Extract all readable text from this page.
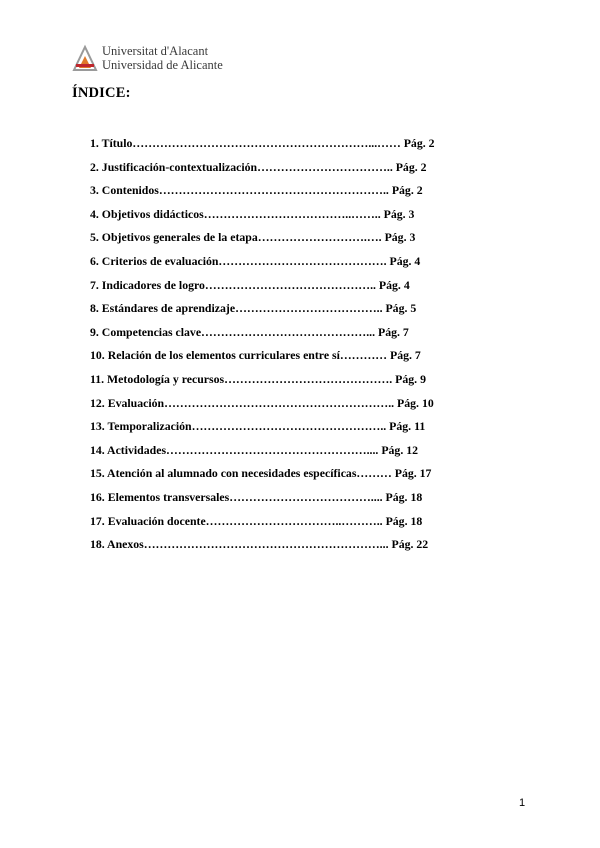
Universitat d'Alacant
Universidad de Alicante
ÍNDICE:
1. Título……………………………………………………...…… Pág. 2
2. Justificación-contextualización…………………………….. Pág. 2
3. Contenidos………………………………………………….. Pág. 2
4. Objetivos didácticos………………………………..…….. Pág. 3
5. Objetivos generales de la etapa……………………….…. Pág. 3
6. Criterios de evaluación……………………………………. Pág. 4
7. Indicadores de logro…………………………………….. Pág. 4
8. Estándares de aprendizaje……………………………….. Pág. 5
9. Competencias clave……………………………………... Pág. 7
10. Relación de los elementos curriculares entre sí………… Pág. 7
11. Metodología y recursos……………………………………. Pág. 9
12. Evaluación………………………………………………….. Pág. 10
13. Temporalización………………………………………….. Pág. 11
14. Actividades…………………………………………….... Pág. 12
15. Atención al alumnado con necesidades específicas……… Pág. 17
16. Elementos transversales……………………………….... Pág. 18
17. Evaluación docente……………………………..……….. Pág. 18
18. Anexos……………………………………………………... Pág. 22
1
